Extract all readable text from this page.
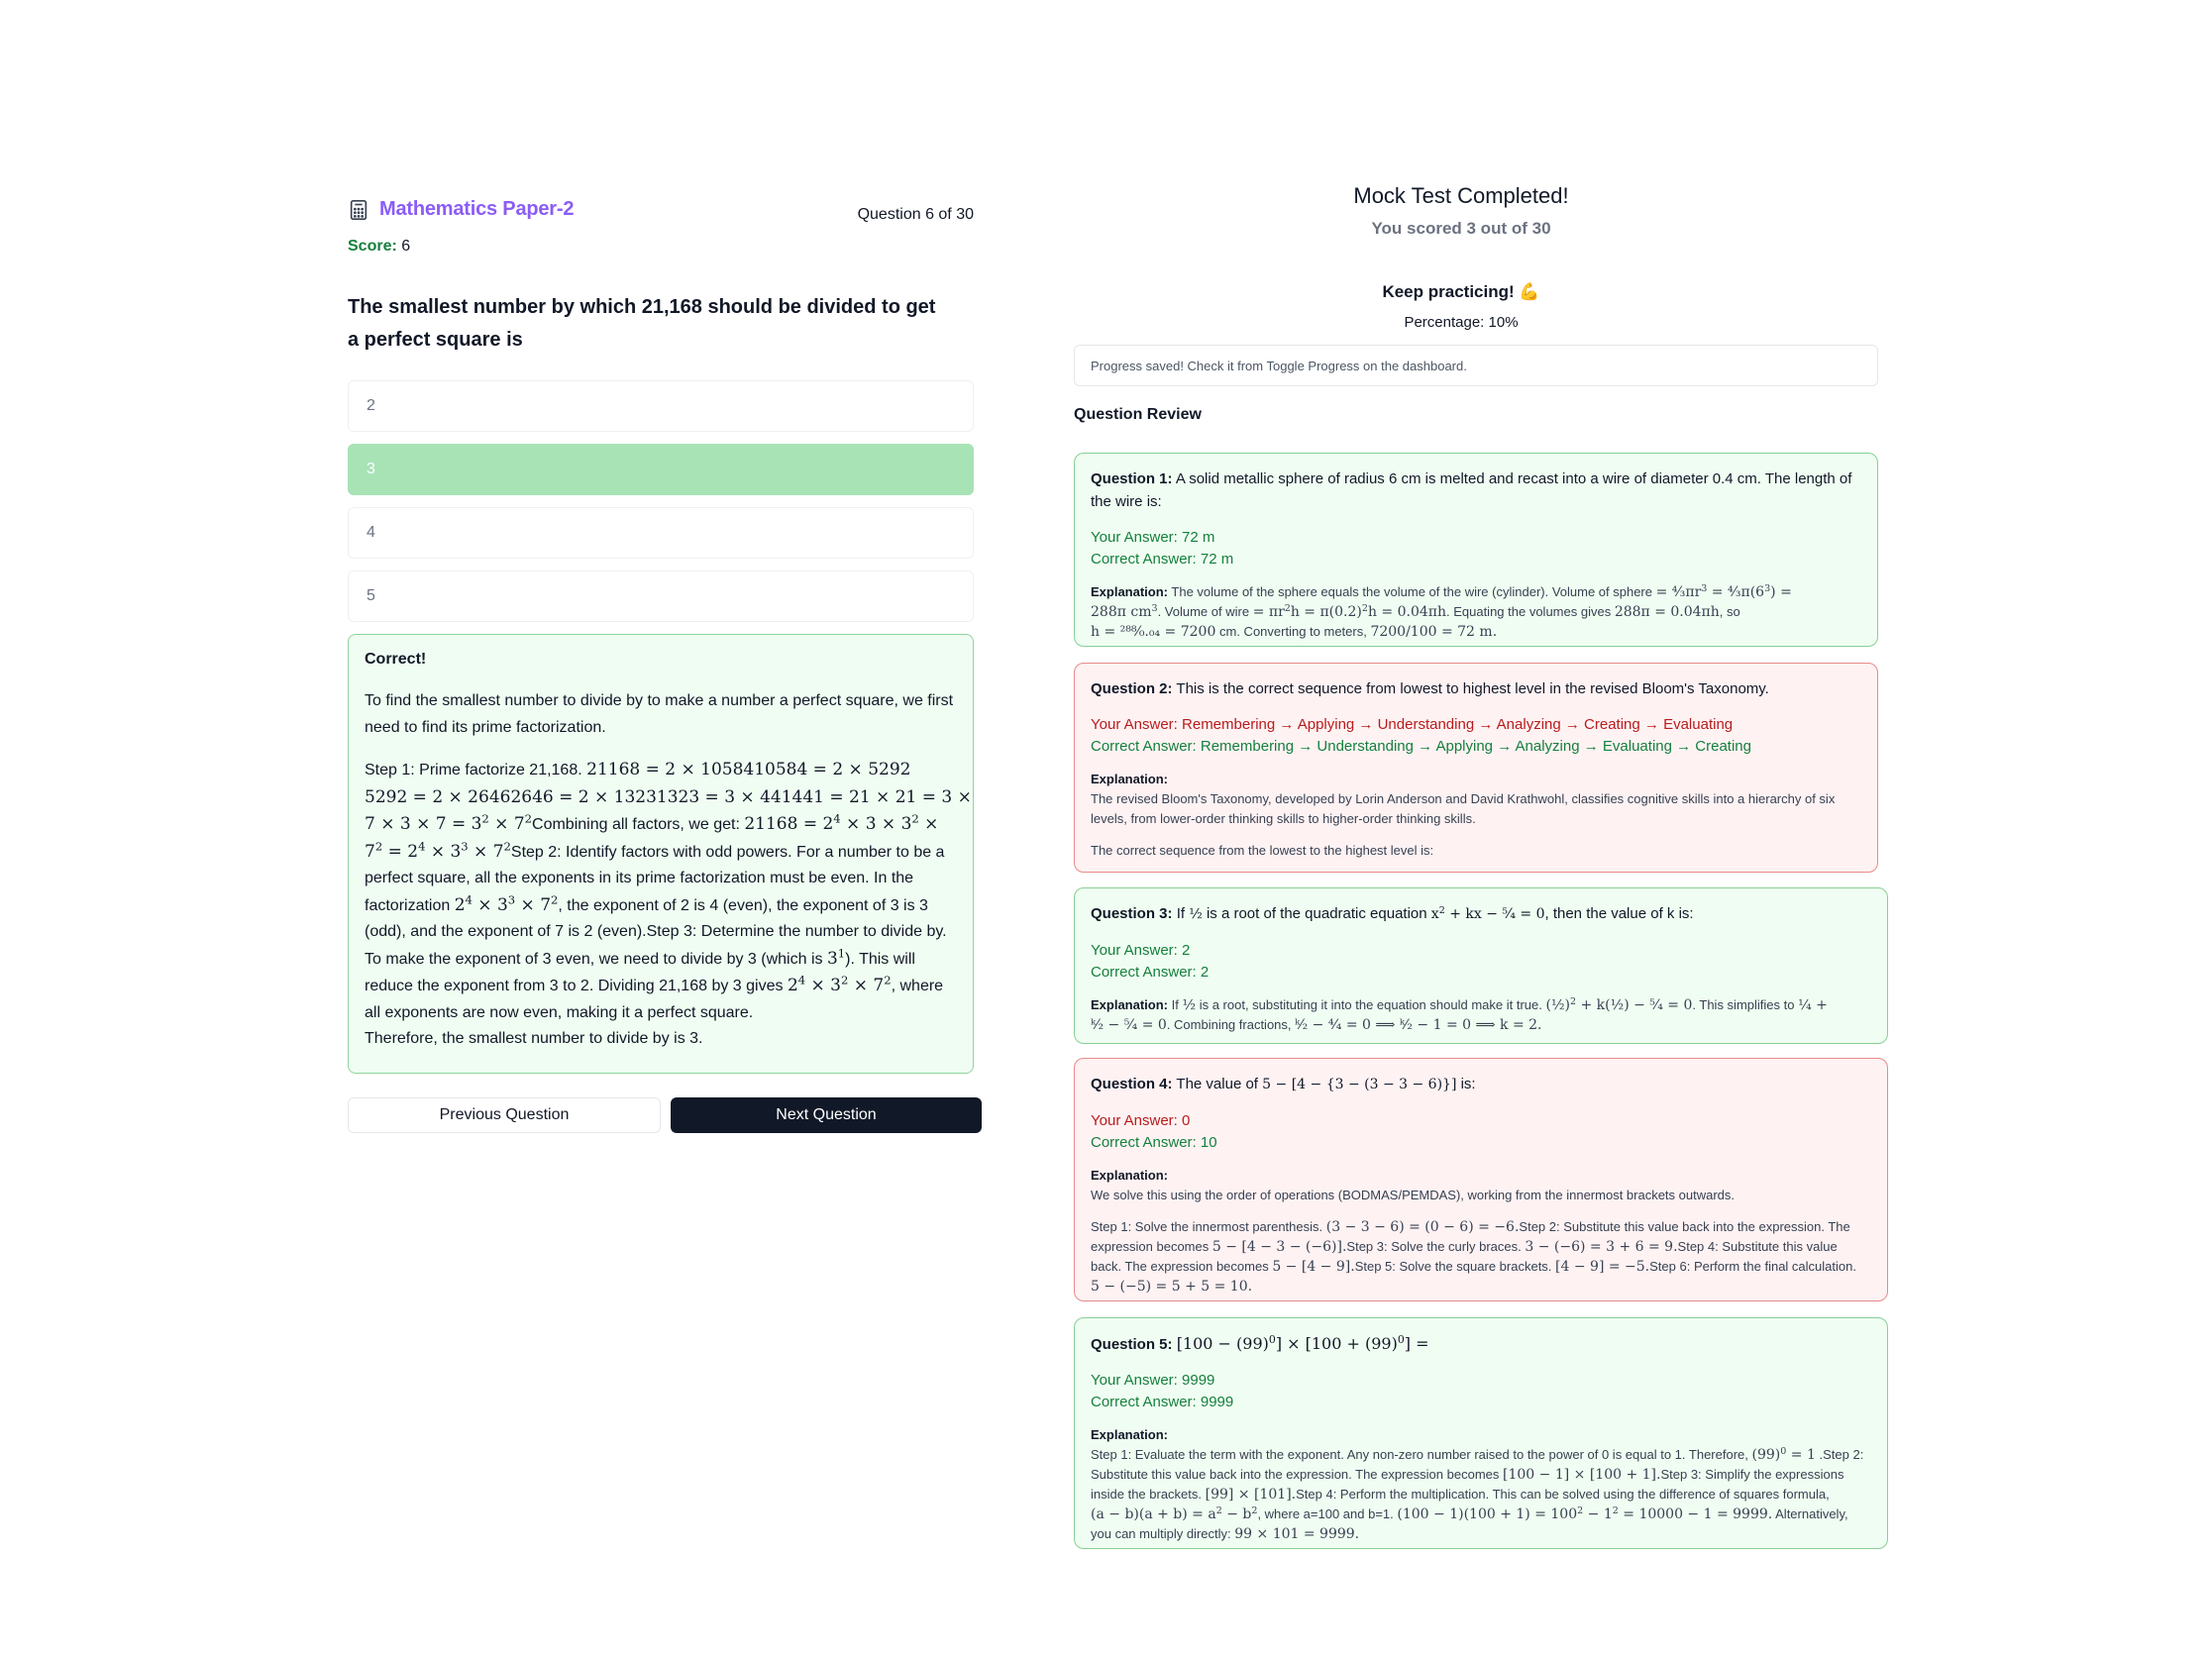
Mathematics Paper-2	Question 6 of 30
Score: 6
The smallest number by which 21,168 should be divided to get a perfect square is
2
3
4
5
Correct!
To find the smallest number to divide by to make a number a perfect square, we first need to find its prime factorization.
Step 1: Prime factorize 21,168. 21168 = 2 × 1058410584 = 2 × 5292 $5292 = 2 \times 26462646 = 2 \times 13231323 = 3 \times 441441 = 21 \times 21 = 3 \times 7 \times 3 \times 7 = 3^2$ × $7^2Combining$ all factors, we get: $21168 = 2^4 \times 3 \times 3^2 \times 7^2 = 2^4 \times 3^3$ × $7^2Step$ 2: Identify factors with odd powers. For a number to be a perfect square, all the exponents in its prime factorization must be even. In the factorization $2^4 \times 3^3 \times 7^2$, the exponent of 2 is 4 (even), the exponent of 3 is 3 (odd), and the exponent of 7 is 2 (even).Step 3: Determine the number to divide by. To make the exponent of 3 even, we need to divide by 3 (which is $3^1$). This will reduce the exponent from 3 to 2. Dividing 21,168 by 3 gives $2^4 \times 3^2 \times 7^2$, where all exponents are now even, making it a perfect square.
Therefore, the smallest number to divide by is 3.
Previous Question	Next Question
Mock Test Completed!
You scored 3 out of 30
Keep practicing! 💪
Percentage: 10%
Progress saved! Check it from Toggle Progress on the dashboard.
Question Review
Question 1: A solid metallic sphere of radius 6 cm is melted and recast into a wire of diameter 0.4 cm. The length of the wire is:
Your Answer: 72 m
Correct Answer: 72 m
Explanation: The volume of the sphere equals the volume of the wire (cylinder). Volume of sphere = $^4⁄_3\pi r^3$ = $^4⁄_3\pi(6^3) = 288\pi$ $cm^3$. Volume of wire = $\pi r^2h = \pi(0.2)^2h = 0.04\pi h$. Equating the volumes gives 288π = 0.04πh, so h = ²⁸⁸⁄₀.₀₄ = 7200 cm. Converting to meters, 7200/100 = 72 m.
Question 2: This is the correct sequence from lowest to highest level in the revised Bloom's Taxonomy.
Your Answer: Remembering → Applying → Understanding → Analyzing → Creating → Evaluating
Correct Answer: Remembering → Understanding → Applying → Analyzing → Evaluating → Creating
Explanation:
The revised Bloom's Taxonomy, developed by Lorin Anderson and David Krathwohl, classifies cognitive skills into a hierarchy of six levels, from lower-order thinking skills to higher-order thinking skills.
The correct sequence from the lowest to the highest level is:
Question 3: If ½ is a root of the quadratic equation $x^2$ + kx − ⁵⁄₄ = 0, then the value of k is:
Your Answer: 2
Correct Answer: 2
Explanation: If ½ is a root, substituting it into the equation should make it true. (½)$^2$ + k(½) − ⁵⁄₄ = 0. This simplifies to ¼ + ᵏ⁄₂ − ⁵⁄₄ = 0. Combining fractions, ᵏ⁄₂ − ⁴⁄₄ = 0 ⟹ ᵏ⁄₂ − 1 = 0 ⟹ k = 2.
Question 4: The value of 5 − [4 − {3 − (3 − 3 − 6)}] is:
Your Answer: 0
Correct Answer: 10
Explanation:
We solve this using the order of operations (BODMAS/PEMDAS), working from the innermost brackets outwards.
Step 1: Solve the innermost parenthesis. (3 − 3 − 6) = (0 − 6) = −6.Step 2: Substitute this value back into the expression. The expression becomes 5 − [4 − 3 − (−6)].Step 3: Solve the curly braces. 3 − (−6) = 3 + 6 = 9.Step 4: Substitute this value back. The expression becomes 5 − [4 − 9].Step 5: Solve the square brackets. [4 − 9] = −5.Step 6: Perform the final calculation. 5 − (−5) = 5 + 5 = 10.
Question 5: $[100 - (99)^0] \times [100 + (99)^0]$ =
Your Answer: 9999
Correct Answer: 9999
Explanation:
Step 1: Evaluate the term with the exponent. Any non-zero number raised to the power of 0 is equal to 1. Therefore, $(99)^0 = 1$ .Step 2: Substitute this value back into the expression. The expression becomes [100 − 1] × [100 + 1].Step 3: Simplify the expressions inside the brackets. [99] × [101].Step 4: Perform the multiplication. This can be solved using the difference of squares formula, $(a - b)(a + b) = a^2 - b^2$, where a=100 and b=1. $(100 - 1)(100 + 1) = 100^2 - 1^2 = 10000 - 1 = 9999$. Alternatively, you can multiply directly: 99 × 101 = 9999.
